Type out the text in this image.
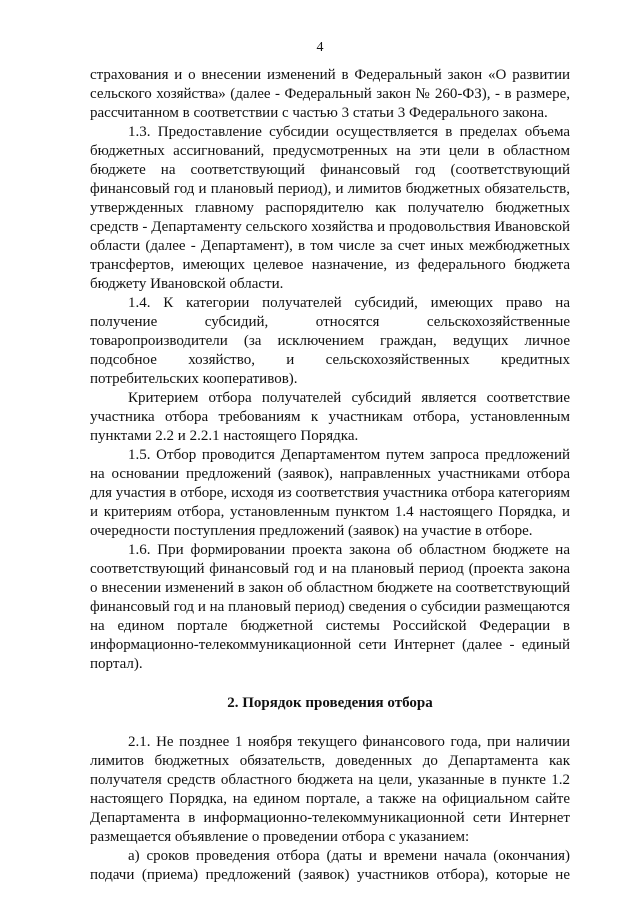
4

страхования и о внесении изменений в Федеральный закон «О развитии сельского хозяйства» (далее - Федеральный закон № 260-ФЗ), - в размере, рассчитанном в соответствии с частью 3 статьи 3 Федерального закона.

1.3. Предоставление субсидии осуществляется в пределах объема бюджетных ассигнований, предусмотренных на эти цели в областном бюджете на соответствующий финансовый год (соответствующий финансовый год и плановый период), и лимитов бюджетных обязательств, утвержденных главному распорядителю как получателю бюджетных средств - Департаменту сельского хозяйства и продовольствия Ивановской области (далее - Департамент), в том числе за счет иных межбюджетных трансфертов, имеющих целевое назначение, из федерального бюджета бюджету Ивановской области.

1.4. К категории получателей субсидий, имеющих право на получение субсидий, относятся сельскохозяйственные товаропроизводители (за исключением граждан, ведущих личное подсобное хозяйство, и сельскохозяйственных кредитных потребительских кооперативов).

Критерием отбора получателей субсидий является соответствие участника отбора требованиям к участникам отбора, установленным пунктами 2.2 и 2.2.1 настоящего Порядка.

1.5. Отбор проводится Департаментом путем запроса предложений на основании предложений (заявок), направленных участниками отбора для участия в отборе, исходя из соответствия участника отбора категориям и критериям отбора, установленным пунктом 1.4 настоящего Порядка, и очередности поступления предложений (заявок) на участие в отборе.

1.6. При формировании проекта закона об областном бюджете на соответствующий финансовый год и на плановый период (проекта закона о внесении изменений в закон об областном бюджете на соответствующий финансовый год и на плановый период) сведения о субсидии размещаются на едином портале бюджетной системы Российской Федерации в информационно-телекоммуникационной сети Интернет (далее - единый портал).

2. Порядок проведения отбора

2.1. Не позднее 1 ноября текущего финансового года, при наличии лимитов бюджетных обязательств, доведенных до Департамента как получателя средств областного бюджета на цели, указанные в пункте 1.2 настоящего Порядка, на едином портале, а также на официальном сайте Департамента в информационно-телекоммуникационной сети Интернет размещается объявление о проведении отбора с указанием:

а) сроков проведения отбора (даты и времени начала (окончания) подачи (приема) предложений (заявок) участников отбора), которые не
